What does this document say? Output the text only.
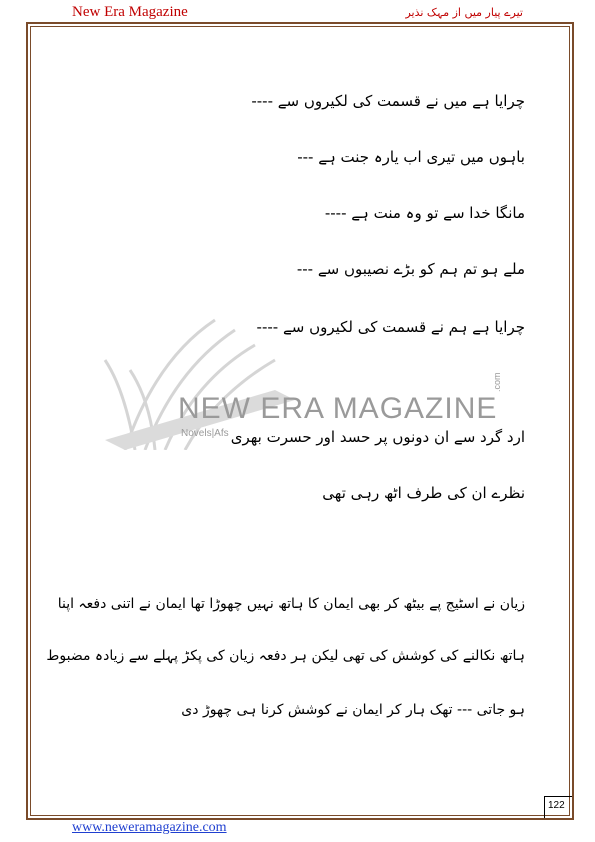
New Era Magazine	تیرے پیار میں از مہک نذیر
NEW ERA MAGAZINE
Novels|Afs
.com
چرایا ہے میں نے قسمت کی لکیروں سے ----
باہوں میں تیری اب یارہ جنت ہے ---
مانگا خدا سے تو وہ منت ہے ----
ملے ہو تم ہم کو بڑے نصیبوں سے ---
چرایا ہے ہم نے قسمت کی لکیروں سے ----
ارد گرد سے ان دونوں پر حسد اور حسرت بھری
نظرے ان کی طرف اٹھ رہی تھی
زیان نے اسٹیج پے بیٹھ کر بھی ایمان کا ہاتھ نہیں چھوڑا تھا ایمان نے اتنی دفعہ اپنا
ہاتھ نکالنے کی کوشش کی تھی لیکن ہر دفعہ زیان کی پکڑ پہلے سے زیادہ مضبوط
ہو جاتی --- تھک ہار کر ایمان نے کوشش کرنا ہی چھوڑ دی
122
www.neweramagazine.com
